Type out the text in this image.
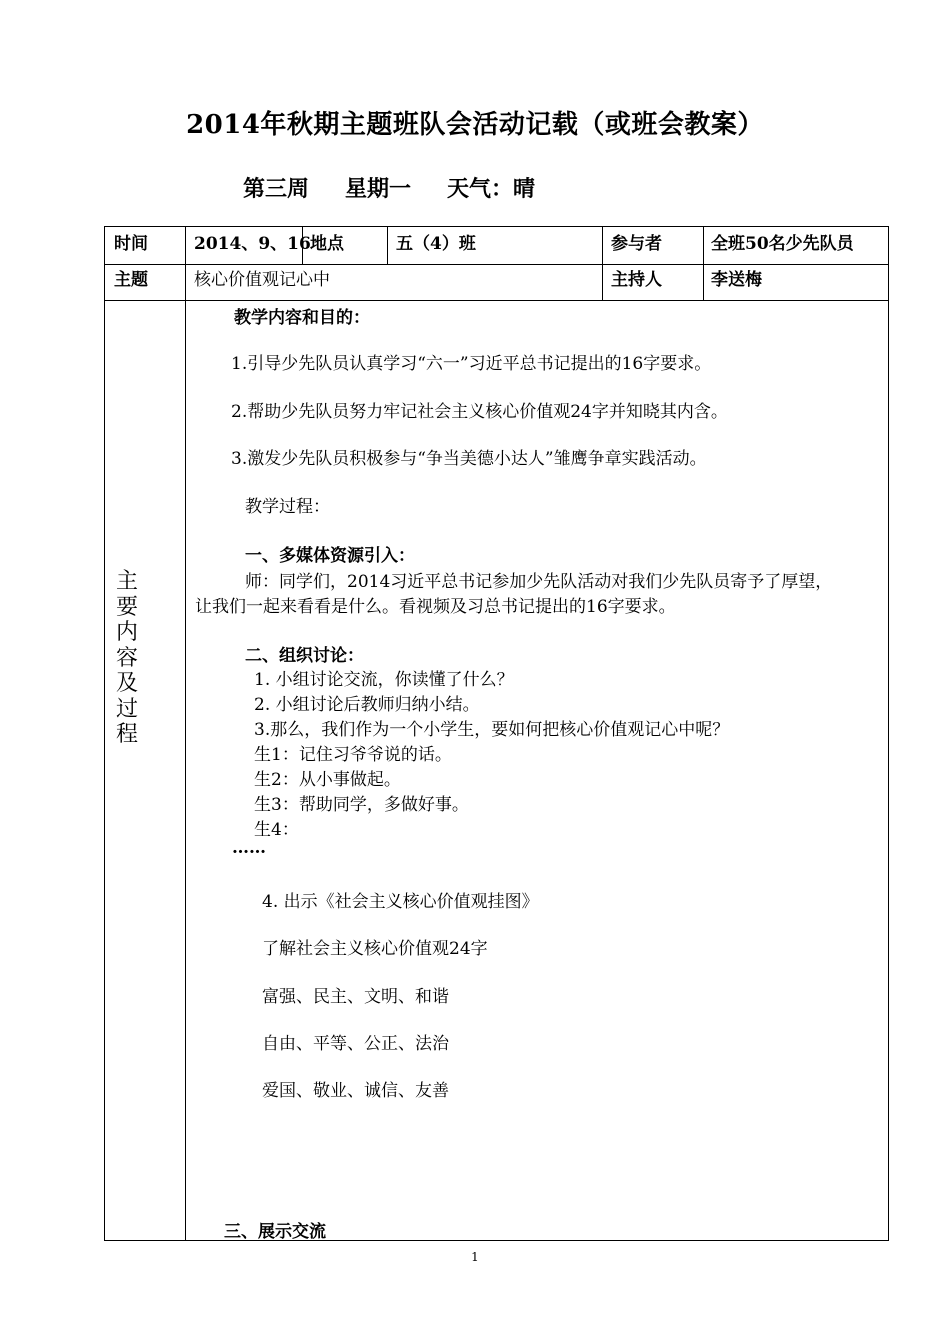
2014年秋期主题班队会活动记载（或班会教案）
第三周 星期一 天气：晴
时间	2014、9、16 地点	五（4）班	参与者	全班50名少先队员
主题	核心价值观记心中	主持人	李送梅
主
要
内
容
及
过
程
教学内容和目的：
1.引导少先队员认真学习“六一”习近平总书记提出的16字要求。
2.帮助少先队员努力牢记社会主义核心价值观24字并知晓其内含。
3.激发少先队员积极参与“争当美德小达人”雏鹰争章实践活动。
教学过程：
一、多媒体资源引入：
师：同学们，2014习近平总书记参加少先队活动对我们少先队员寄予了厚望，
让我们一起来看看是什么。看视频及习总书记提出的16字要求。
二、组织讨论：
1. 小组讨论交流，你读懂了什么？
2. 小组讨论后教师归纳小结。
3.那么，我们作为一个小学生，要如何把核心价值观记心中呢？
生1：记住习爷爷说的话。
生2：从小事做起。
生3：帮助同学，多做好事。
生4：
……
4. 出示《社会主义核心价值观挂图》
了解社会主义核心价值观24字
富强、民主、文明、和谐
自由、平等、公正、法治
爱国、敬业、诚信、友善
三、展示交流
1
